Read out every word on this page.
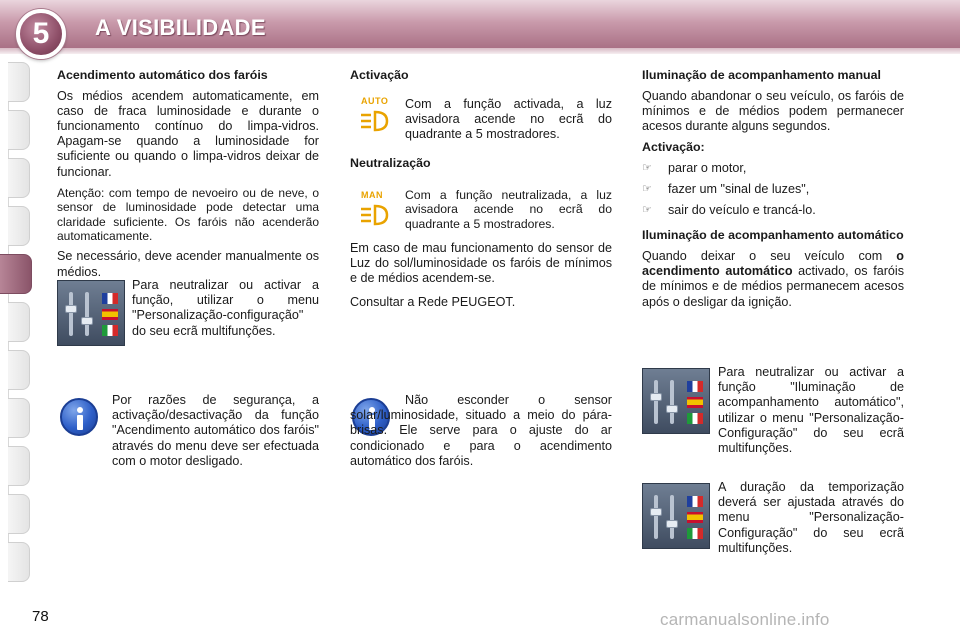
A VISIBILIDADE
5
Acendimento automático dos faróis

Os médios acendem automaticamente, em caso de fraca luminosidade e durante o funcionamento contínuo do limpa-vidros. Apagam-se quando a luminosidade for suficiente ou quando o limpa-vidros deixar de funcionar.

Atenção: com tempo de nevoeiro ou de neve, o sensor de luminosidade pode detectar uma claridade suficiente. Os faróis não acenderão automaticamente.

Se necessário, deve acender manualmente os médios.

Para neutralizar ou activar a função, utilizar o menu "Personalização-configuração" do seu ecrã multifunções.
Por razões de segurança, a activação/desactivação da função "Acendimento automático dos faróis" através do menu deve ser efectuada com o motor desligado.
Activação
AUTO Com a função activada, a luz avisadora acende no ecrã do quadrante a 5 mostradores.
Neutralização
MAN Com a função neutralizada, a luz avisadora acende no ecrã do quadrante a 5 mostradores.
Em caso de mau funcionamento do sensor de Luz do sol/luminosidade os faróis de mínimos e de médios acendem-se.
Consultar a Rede PEUGEOT.
Não esconder o sensor solar/luminosidade, situado a meio do pára-brisas. Ele serve para o ajuste do ar condicionado e para o acendimento automático dos faróis.
Iluminação de acompanhamento manual

Quando abandonar o seu veículo, os faróis de mínimos e de médios podem permanecer acesos durante alguns segundos.

Activação:
☞	parar o motor,
☞	fazer um "sinal de luzes",
☞	sair do veículo e trancá-lo.
Iluminação de acompanhamento automático

Quando deixar o seu veículo com o acendimento automático activado, os faróis de mínimos e de médios permanecem acesos após o desligar da ignição.

Para neutralizar ou activar a função "Iluminação de acompanhamento automático", utilizar o menu "Personalização-Configuração" do seu ecrã multifunções.
A duração da temporização deverá ser ajustada através do menu "Personalização-Configuração" do seu ecrã multifunções.
78	carmanualsonline.info
